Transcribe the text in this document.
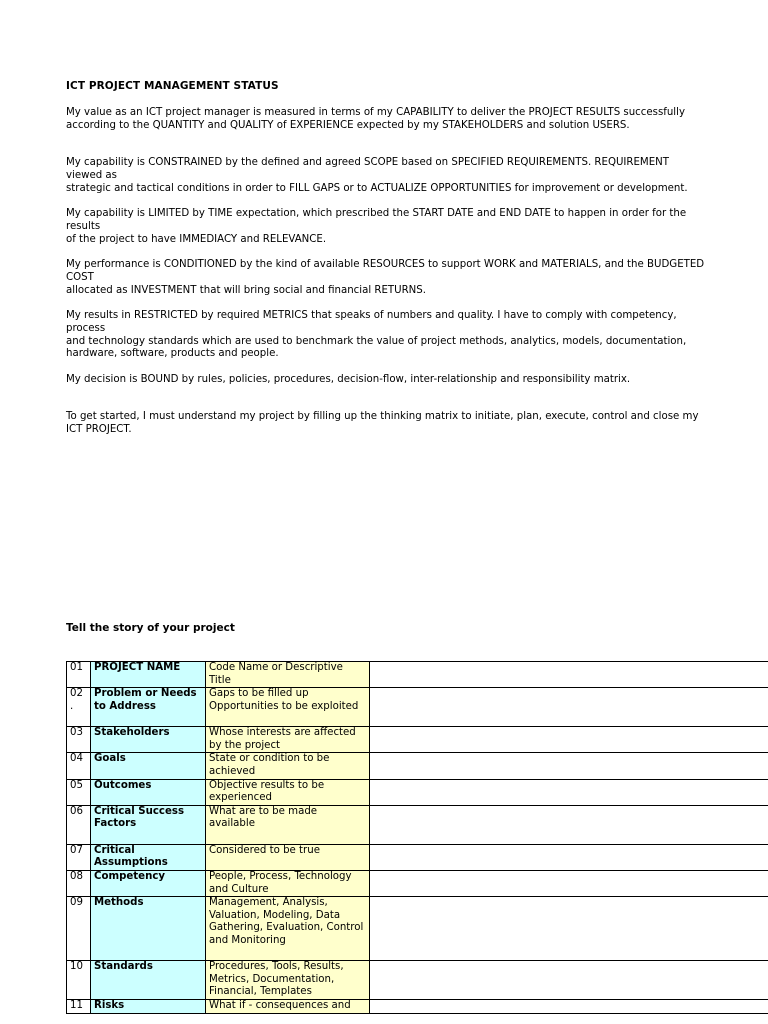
ICT PROJECT MANAGEMENT STATUS

My value as an ICT project manager is measured in terms of my CAPABILITY to deliver the PROJECT RESULTS successfully
according to the QUANTITY and QUALITY of EXPERIENCE expected by my STAKEHOLDERS and solution USERS.

My capability is CONSTRAINED by the defined and agreed SCOPE based on SPECIFIED REQUIREMENTS. REQUIREMENT viewed as
strategic and tactical conditions in order to FILL GAPS or to ACTUALIZE OPPORTUNITIES for improvement or development.

My capability is LIMITED by TIME expectation, which prescribed the START DATE and END DATE to happen in order for the results
of the project to have IMMEDIACY and RELEVANCE.

My performance is CONDITIONED by the kind of available RESOURCES to support WORK and MATERIALS, and the BUDGETED COST
allocated as INVESTMENT that will bring social and financial RETURNS.

My results in RESTRICTED by required METRICS that speaks of numbers and quality. I have to comply with competency, process
and technology standards which are used to benchmark the value of project methods, analytics, models, documentation,
hardware, software, products and people.

My decision is BOUND by rules, policies, procedures, decision-flow, inter-relationship and responsibility matrix.

To get started, I must understand my project by filling up the thinking matrix to initiate, plan, execute, control and close my
ICT PROJECT.

Tell the story of your project
01	PROJECT NAME	Code Name or Descriptive Title	

02
.	Problem or Needs
to Address	Gaps to be filled up
Opportunities to be exploited	

03	Stakeholders	Whose interests are affected
by the project	

04	Goals	State or condition to be
achieved	

05	Outcomes	Objective results to be
experienced	

06	Critical Success
Factors	What are to be made available	

07	Critical Assumptions	Considered to be true	

08	Competency	People, Process, Technology
and Culture	

09	Methods	Management, Analysis,
Valuation, Modeling, Data
Gathering, Evaluation, Control
and Monitoring	

10	Standards	Procedures, Tools, Results,
Metrics, Documentation,
Financial, Templates	

11	Risks	What if - consequences and	
